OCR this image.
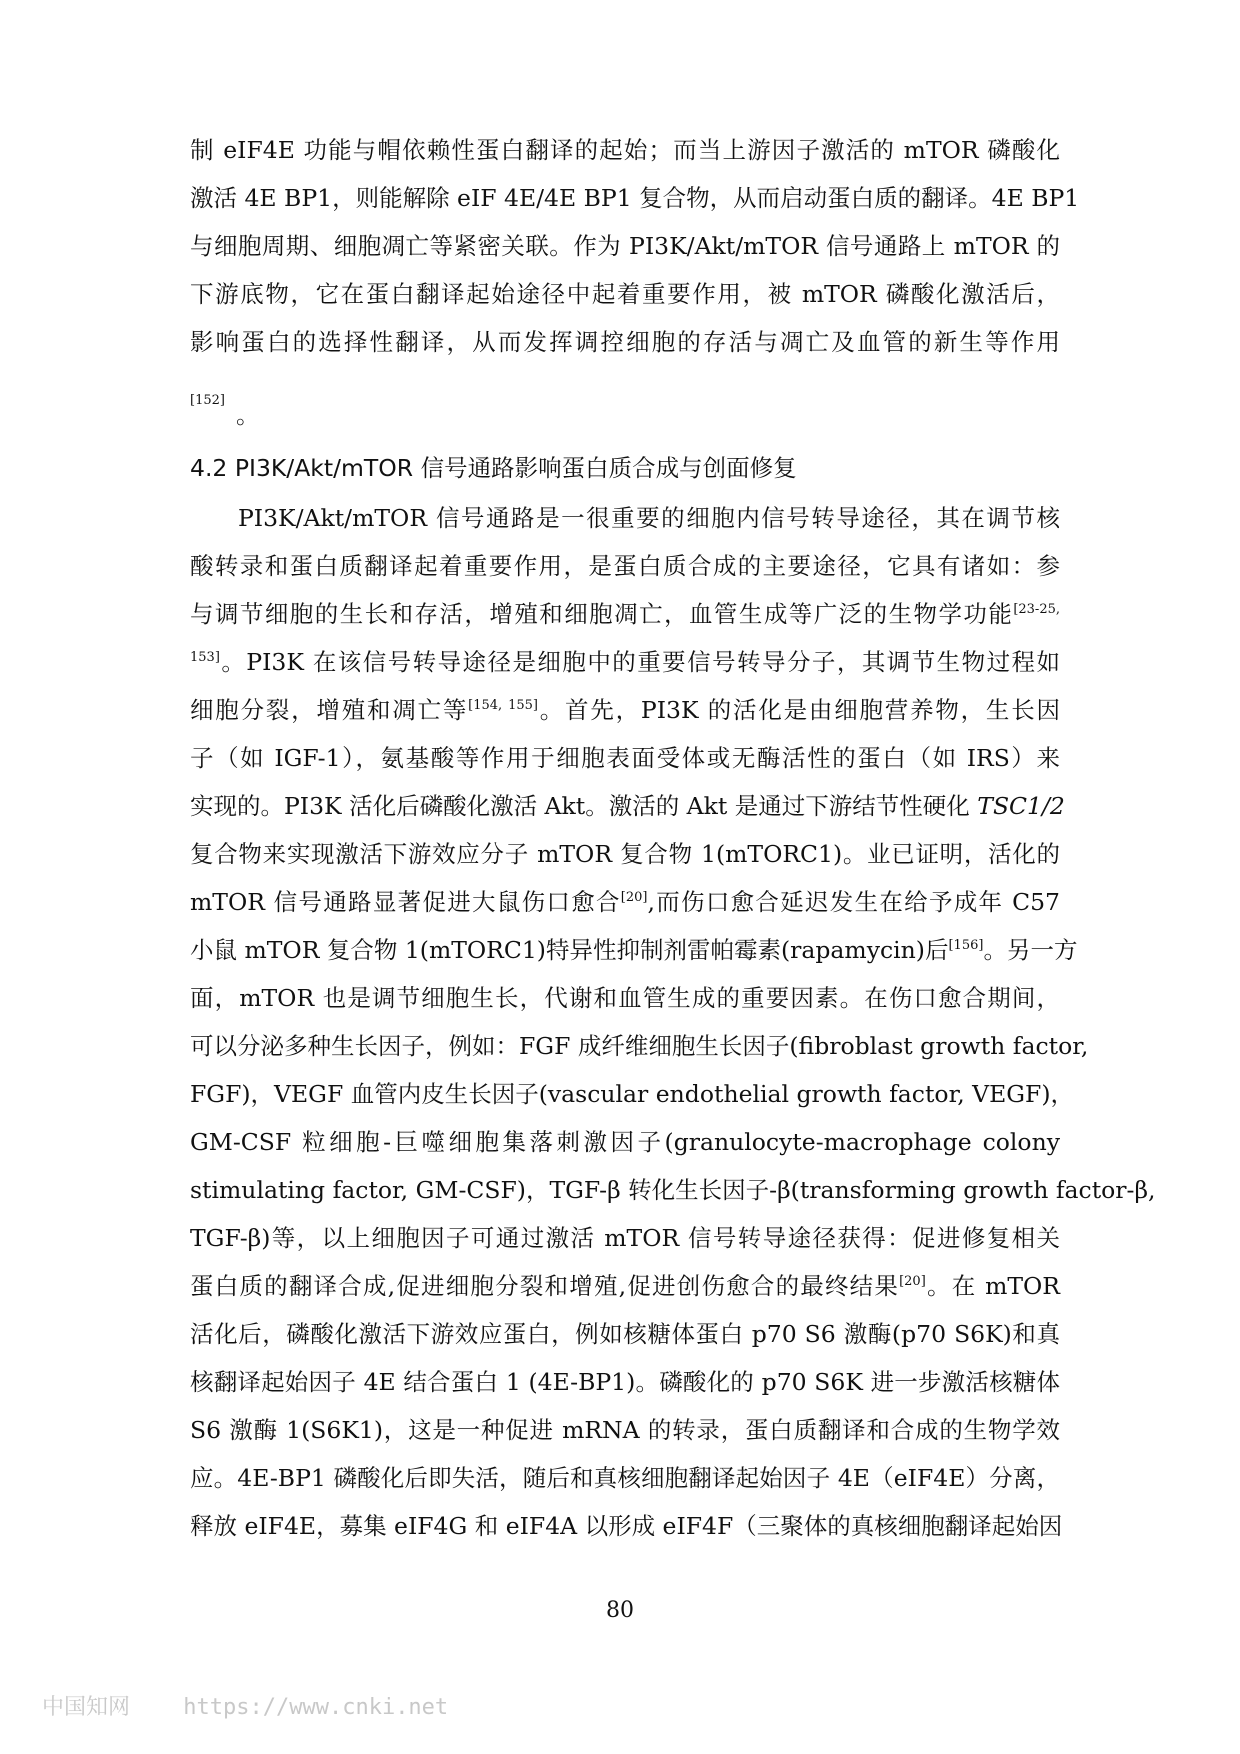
制 eIF4E 功能与帽依赖性蛋白翻译的起始；而当上游因子激活的 mTOR 磷酸化
激活 4E BP1，则能解除 eIF 4E/4E BP1 复合物，从而启动蛋白质的翻译。4E BP1
与细胞周期、细胞凋亡等紧密关联。作为 PI3K/Akt/mTOR 信号通路上 mTOR 的
下游底物，它在蛋白翻译起始途径中起着重要作用，被 mTOR 磷酸化激活后，
影响蛋白的选择性翻译，从而发挥调控细胞的存活与凋亡及血管的新生等作用
[152]
。
4.2 PI3K/Akt/mTOR 信号通路影响蛋白质合成与创面修复
PI3K/Akt/mTOR 信号通路是一很重要的细胞内信号转导途径，其在调节核
酸转录和蛋白质翻译起着重要作用，是蛋白质合成的主要途径，它具有诸如：参
与调节细胞的生长和存活，增殖和细胞凋亡，血管生成等广泛的生物学功能$^{[23-25,}$
$^{153]}$。PI3K 在该信号转导途径是细胞中的重要信号转导分子，其调节生物过程如
细胞分裂，增殖和凋亡等[154, 155]。首先，PI3K 的活化是由细胞营养物，生长因
子（如 IGF-1），氨基酸等作用于细胞表面受体或无酶活性的蛋白（如 IRS）来
实现的。PI3K 活化后磷酸化激活 Akt。激活的 Akt 是通过下游结节性硬化 TSC1/2
复合物来实现激活下游效应分子 mTOR 复合物 1(mTORC1)。业已证明，活化的
mTOR 信号通路显著促进大鼠伤口愈合[20],而伤口愈合延迟发生在给予成年 C57
小鼠 mTOR 复合物 1(mTORC1)特异性抑制剂雷帕霉素(rapamycin)后[156]。另一方
面，mTOR 也是调节细胞生长，代谢和血管生成的重要因素。在伤口愈合期间，
可以分泌多种生长因子，例如：FGF 成纤维细胞生长因子(fibroblast growth factor,
FGF)，VEGF 血管内皮生长因子(vascular endothelial growth factor, VEGF)，
GM-CSF 粒细胞-巨噬细胞集落刺激因子(granulocyte-macrophage colony
stimulating factor, GM-CSF)，TGF-β 转化生长因子-β(transforming growth factor-β,
TGF-β)等，以上细胞因子可通过激活 mTOR 信号转导途径获得：促进修复相关
蛋白质的翻译合成,促进细胞分裂和增殖,促进创伤愈合的最终结果[20]。在 mTOR
活化后，磷酸化激活下游效应蛋白，例如核糖体蛋白 p70 S6 激酶(p70 S6K)和真
核翻译起始因子 4E 结合蛋白 1 (4E-BP1)。磷酸化的 p70 S6K 进一步激活核糖体
S6 激酶 1(S6K1)，这是一种促进 mRNA 的转录，蛋白质翻译和合成的生物学效
应。4E-BP1 磷酸化后即失活，随后和真核细胞翻译起始因子 4E（eIF4E）分离，
释放 eIF4E，募集 eIF4G 和 eIF4A 以形成 eIF4F（三聚体的真核细胞翻译起始因
80
中国知网 https://www.cnki.net
